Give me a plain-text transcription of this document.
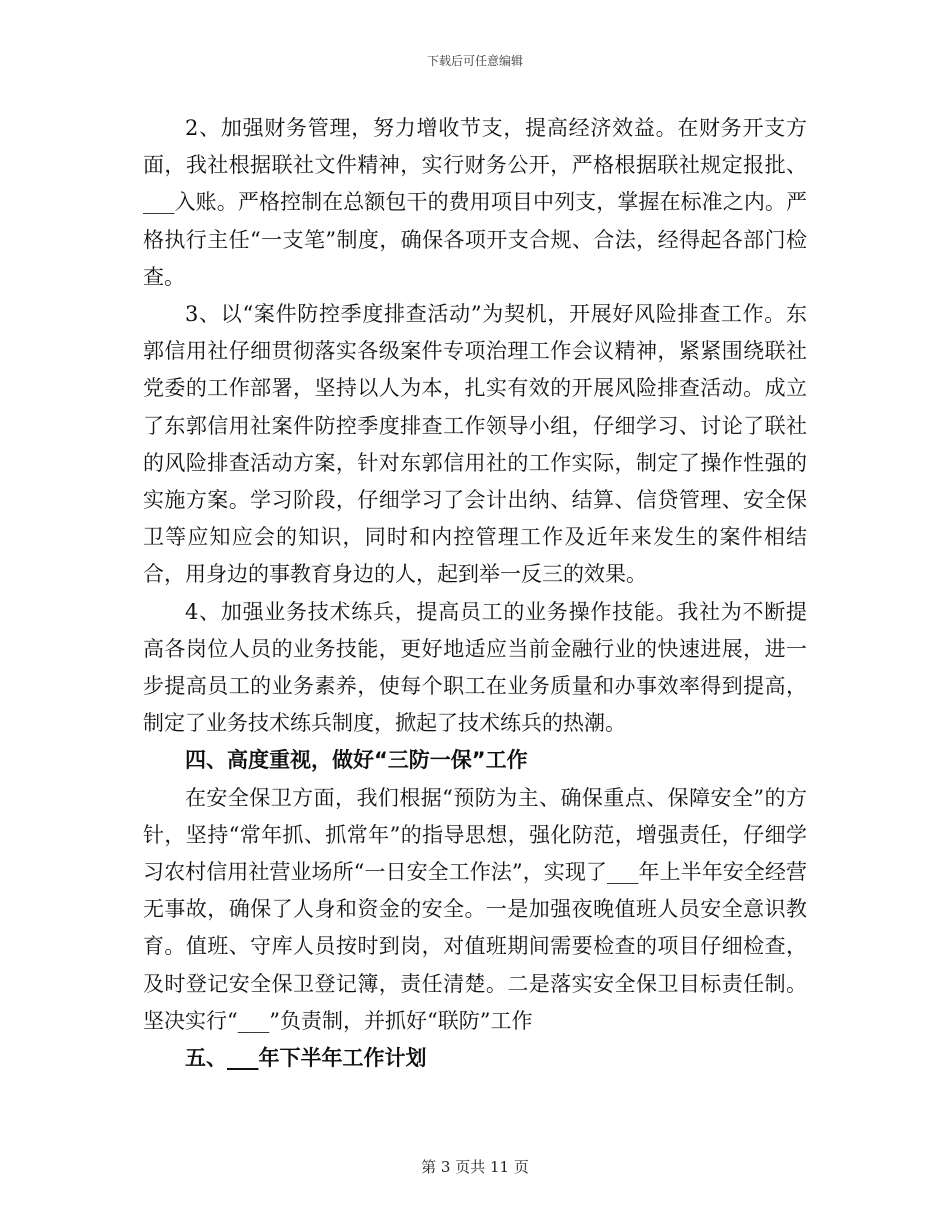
下载后可任意编辑

2、加强财务管理，努力增收节支，提高经济效益。在财务开支方面，我社根据联社文件精神，实行财务公开，严格根据联社规定报批、___入账。严格控制在总额包干的费用项目中列支，掌握在标准之内。严格执行主任“一支笔”制度，确保各项开支合规、合法，经得起各部门检查。

3、以“案件防控季度排查活动”为契机，开展好风险排查工作。东郭信用社仔细贯彻落实各级案件专项治理工作会议精神，紧紧围绕联社党委的工作部署，坚持以人为本，扎实有效的开展风险排查活动。成立了东郭信用社案件防控季度排查工作领导小组，仔细学习、讨论了联社的风险排查活动方案，针对东郭信用社的工作实际，制定了操作性强的实施方案。学习阶段，仔细学习了会计出纳、结算、信贷管理、安全保卫等应知应会的知识，同时和内控管理工作及近年来发生的案件相结合，用身边的事教育身边的人，起到举一反三的效果。

4、加强业务技术练兵，提高员工的业务操作技能。我社为不断提高各岗位人员的业务技能，更好地适应当前金融行业的快速进展，进一步提高员工的业务素养，使每个职工在业务质量和办事效率得到提高，制定了业务技术练兵制度，掀起了技术练兵的热潮。

四、高度重视，做好“三防一保”工作

在安全保卫方面，我们根据“预防为主、确保重点、保障安全”的方针，坚持“常年抓、抓常年”的指导思想，强化防范，增强责任，仔细学习农村信用社营业场所“一日安全工作法”，实现了___年上半年安全经营无事故，确保了人身和资金的安全。一是加强夜晚值班人员安全意识教育。值班、守库人员按时到岗，对值班期间需要检查的项目仔细检查，及时登记安全保卫登记簿，责任清楚。二是落实安全保卫目标责任制。坚决实行“___”负责制，并抓好“联防”工作

五、___年下半年工作计划

第 3 页共 11 页
